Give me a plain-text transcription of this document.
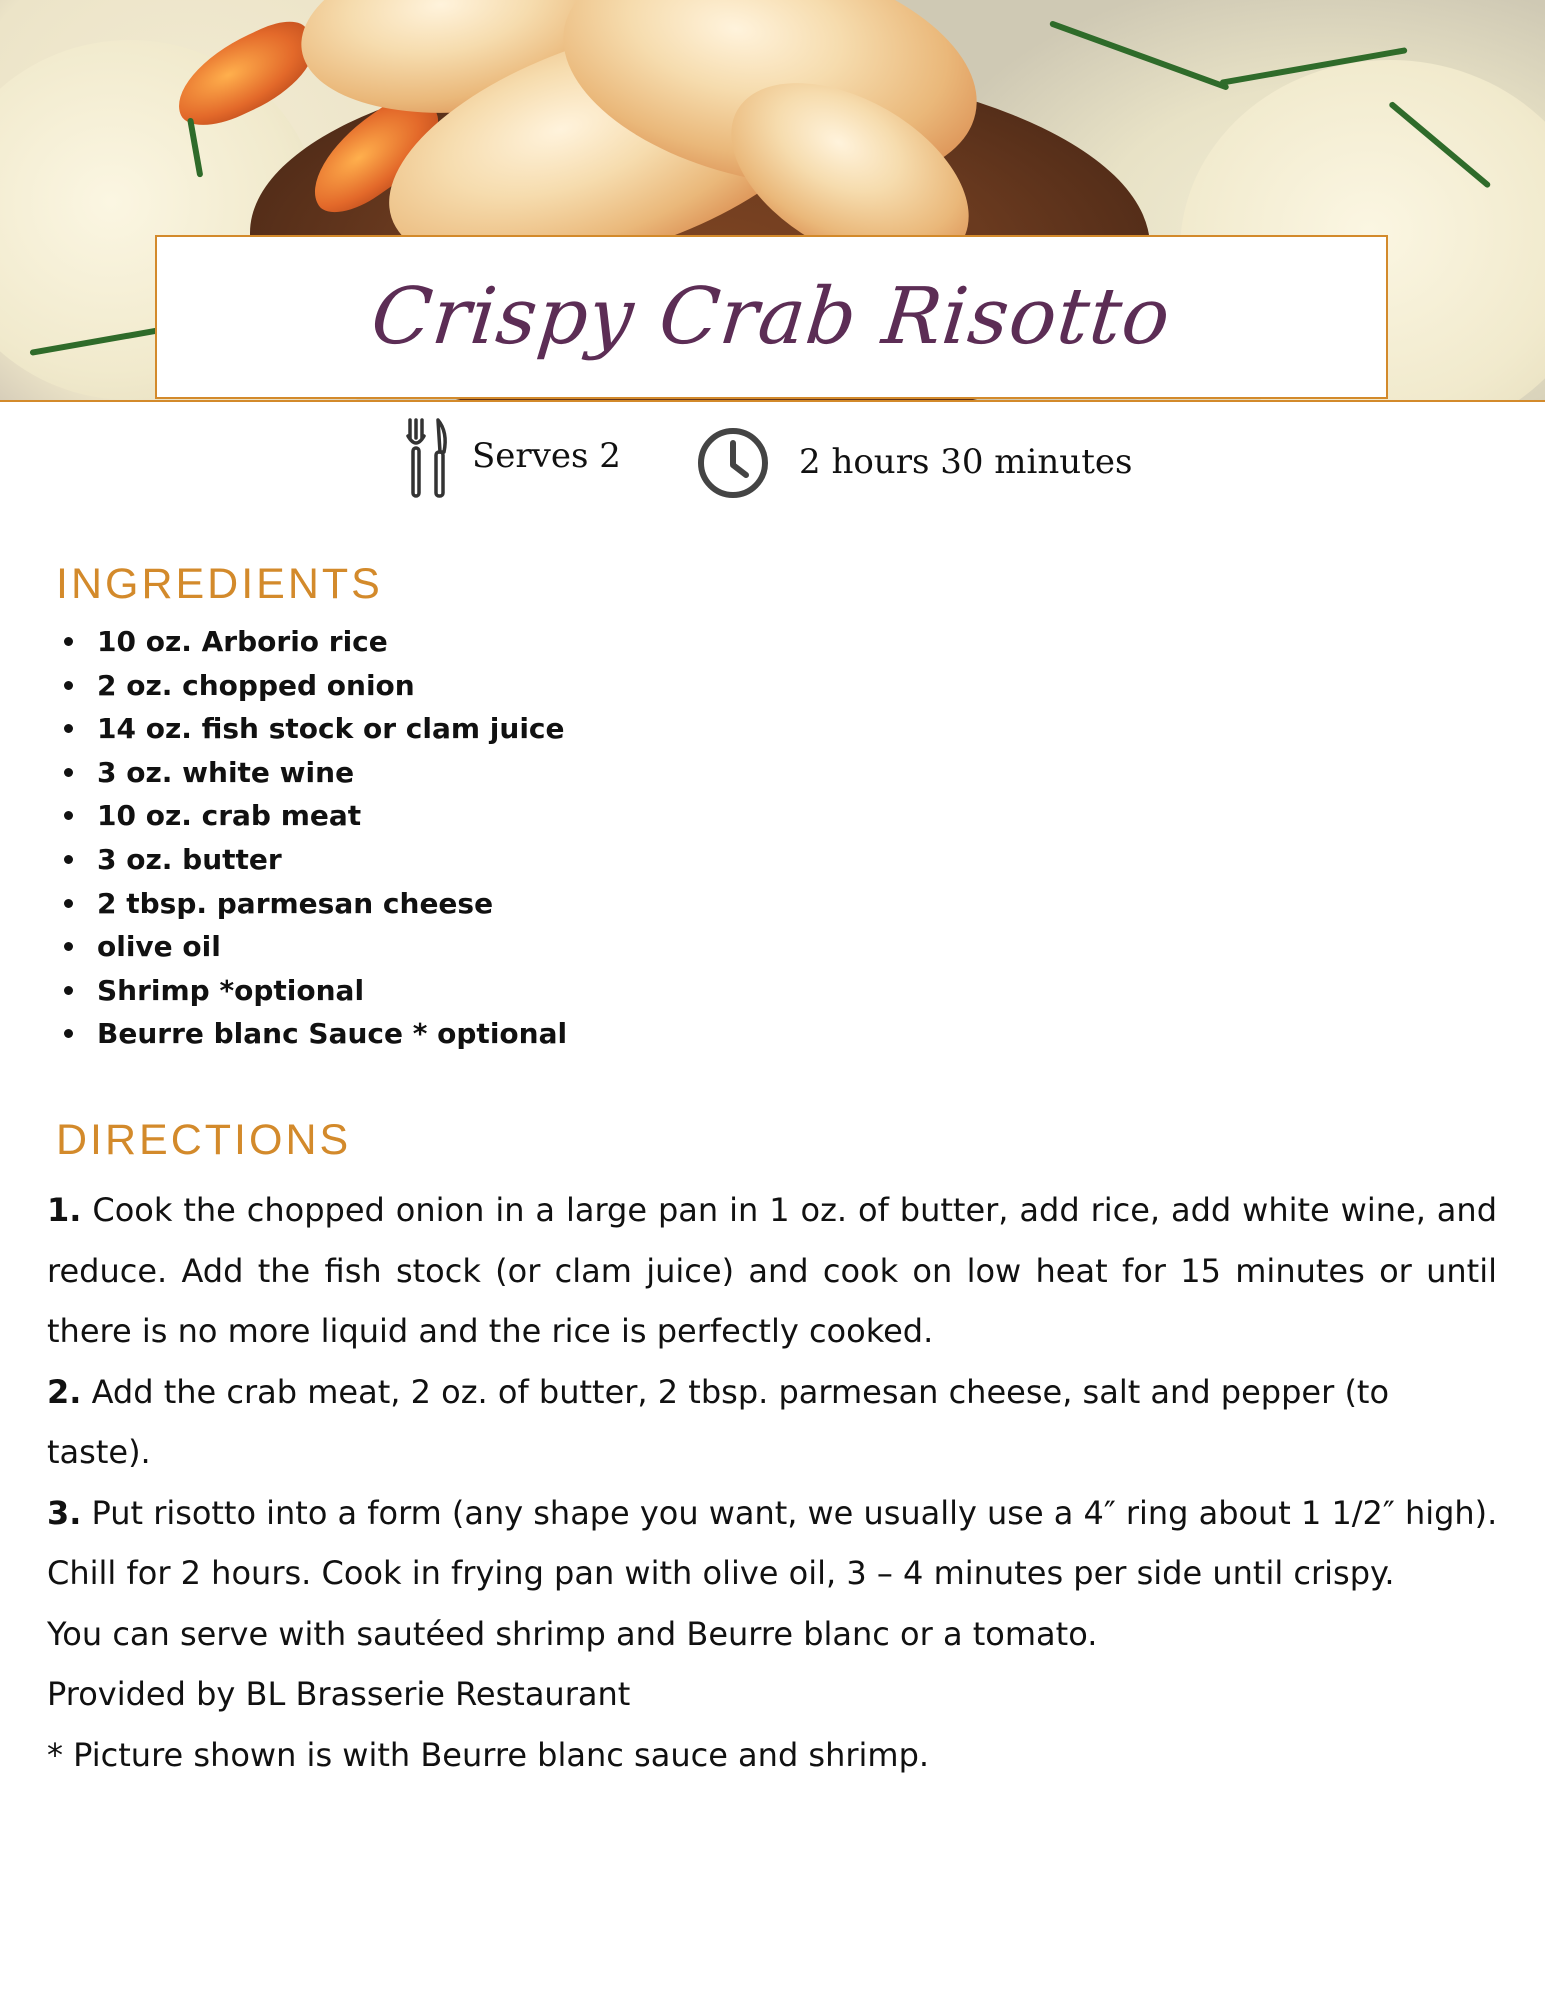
Crispy Crab Risotto
Serves 2	2 hours 30 minutes
INGREDIENTS
10 oz. Arborio rice
2 oz. chopped onion
14 oz. fish stock or clam juice
3 oz. white wine
10 oz. crab meat
3 oz. butter
2 tbsp. parmesan cheese
olive oil
Shrimp *optional
Beurre blanc Sauce * optional
DIRECTIONS
1. Cook the chopped onion in a large pan in 1 oz. of butter, add rice, add white wine, and
reduce. Add the fish stock (or clam juice) and cook on low heat for 15 minutes or until
there is no more liquid and the rice is perfectly cooked.
2. Add the crab meat, 2 oz. of butter, 2 tbsp. parmesan cheese, salt and pepper (to
taste).
3. Put risotto into a form (any shape you want, we usually use a 4″ ring about 1 1/2″ high).
Chill for 2 hours. Cook in frying pan with olive oil, 3 – 4 minutes per side until crispy.
You can serve with sautéed shrimp and Beurre blanc or a tomato.
Provided by BL Brasserie Restaurant
* Picture shown is with Beurre blanc sauce and shrimp.
